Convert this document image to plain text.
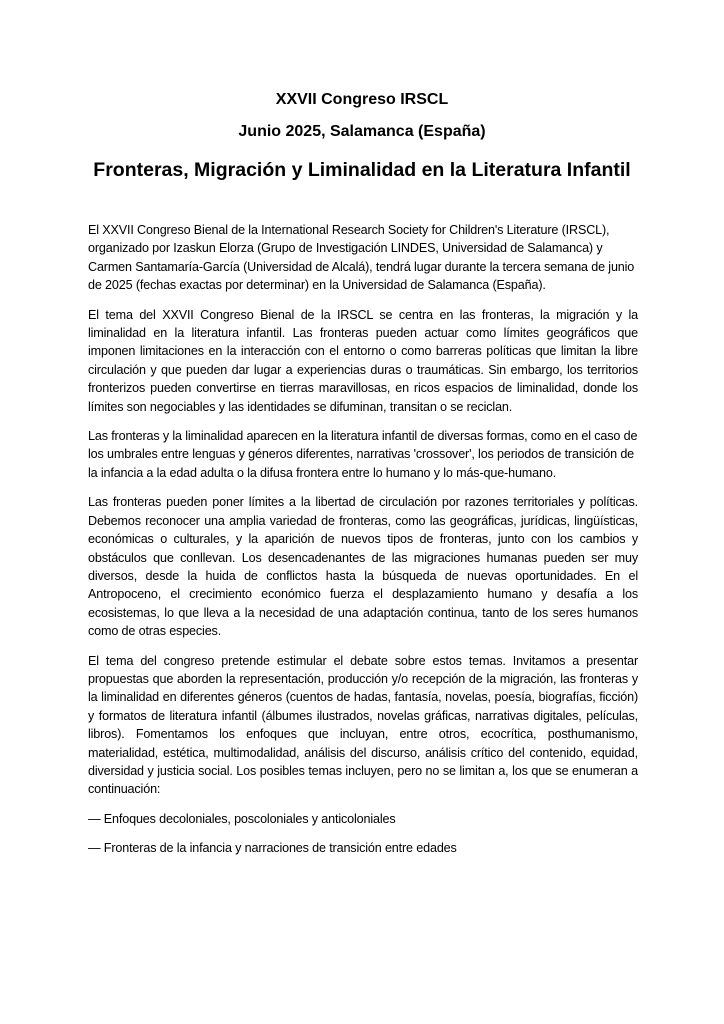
XXVII Congreso IRSCL
Junio 2025, Salamanca (España)
Fronteras, Migración y Liminalidad en la Literatura Infantil

El XXVII Congreso Bienal de la International Research Society for Children's Literature (IRSCL), organizado por Izaskun Elorza (Grupo de Investigación LINDES, Universidad de Salamanca) y Carmen Santamaría-García (Universidad de Alcalá), tendrá lugar durante la tercera semana de junio de 2025 (fechas exactas por determinar) en la Universidad de Salamanca (España).

El tema del XXVII Congreso Bienal de la IRSCL se centra en las fronteras, la migración y la liminalidad en la literatura infantil. Las fronteras pueden actuar como límites geográficos que imponen limitaciones en la interacción con el entorno o como barreras políticas que limitan la libre circulación y que pueden dar lugar a experiencias duras o traumáticas. Sin embargo, los territorios fronterizos pueden convertirse en tierras maravillosas, en ricos espacios de liminalidad, donde los límites son negociables y las identidades se difuminan, transitan o se reciclan.

Las fronteras y la liminalidad aparecen en la literatura infantil de diversas formas, como en el caso de los umbrales entre lenguas y géneros diferentes, narrativas 'crossover', los periodos de transición de la infancia a la edad adulta o la difusa frontera entre lo humano y lo más-que-humano.

Las fronteras pueden poner límites a la libertad de circulación por razones territoriales y políticas. Debemos reconocer una amplia variedad de fronteras, como las geográficas, jurídicas, lingüísticas, económicas o culturales, y la aparición de nuevos tipos de fronteras, junto con los cambios y obstáculos que conllevan. Los desencadenantes de las migraciones humanas pueden ser muy diversos, desde la huida de conflictos hasta la búsqueda de nuevas oportunidades. En el Antropoceno, el crecimiento económico fuerza el desplazamiento humano y desafía a los ecosistemas, lo que lleva a la necesidad de una adaptación continua, tanto de los seres humanos como de otras especies.

El tema del congreso pretende estimular el debate sobre estos temas. Invitamos a presentar propuestas que aborden la representación, producción y/o recepción de la migración, las fronteras y la liminalidad en diferentes géneros (cuentos de hadas, fantasía, novelas, poesía, biografías, ficción) y formatos de literatura infantil (álbumes ilustrados, novelas gráficas, narrativas digitales, películas, libros). Fomentamos los enfoques que incluyan, entre otros, ecocrítica, posthumanismo, materialidad, estética, multimodalidad, análisis del discurso, análisis crítico del contenido, equidad, diversidad y justicia social. Los posibles temas incluyen, pero no se limitan a, los que se enumeran a continuación:

— Enfoques decoloniales, poscoloniales y anticoloniales
— Fronteras de la infancia y narraciones de transición entre edades
